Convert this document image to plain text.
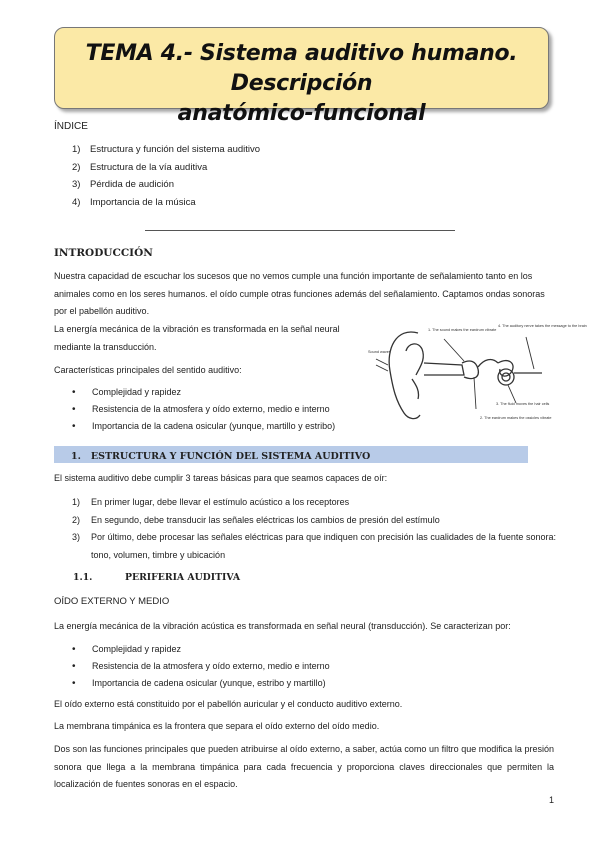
TEMA 4.- Sistema auditivo humano. Descripción
anatómico-funcional
ÍNDICE
1)	Estructura y función del sistema auditivo
2)	Estructura de la vía auditiva
3)	Pérdida de audición
4)	Importancia de la música
INTRODUCCIÓN
Nuestra capacidad de escuchar los sucesos que no vemos cumple una función importante de señalamiento tanto en los animales como en los seres humanos. el oído cumple otras funciones además del señalamiento. Captamos ondas sonoras por el pabellón auditivo.
La energía mecánica de la vibración es transformada en la señal neural mediante la transducción.
Características principales del sentido auditivo:
•	Complejidad y rapidez
•	Resistencia de la atmosfera y oído externo, medio e interno
•	Importancia de la cadena osicular (yunque, martillo y estribo)
Sound waves
1. The sound makes the eardrum vibrate
2. The eardrum makes the ossicles vibrate
3. The fluid moves the hair cells
4. The auditory nerve takes the message to the brain
1.   ESTRUCTURA Y FUNCIÓN DEL SISTEMA AUDITIVO
El sistema auditivo debe cumplir 3 tareas básicas para que seamos capaces de oír:
1)	En primer lugar, debe llevar el estímulo acústico a los receptores
2)	En segundo, debe transducir las señales eléctricas los cambios de presión del estímulo
3)	Por último, debe procesar las señales eléctricas para que indiquen con precisión las cualidades de la fuente sonora: tono, volumen, timbre y ubicación
1.1.	PERIFERIA AUDITIVA
OÍDO EXTERNO Y MEDIO
La energía mecánica de la vibración acústica es transformada en señal neural (transducción). Se caracterizan por:
•	Complejidad y rapidez
•	Resistencia de la atmosfera y oído externo, medio e interno
•	Importancia de cadena osicular (yunque, estribo y martillo)
El oído externo está constituido por el pabellón auricular y el conducto auditivo externo.
La membrana timpánica es la frontera que separa el oído externo del oído medio.
Dos son las funciones principales que pueden atribuirse al oído externo, a saber, actúa como un filtro que modifica la presión sonora que llega a la membrana timpánica para cada frecuencia y proporciona claves direccionales que permiten la localización de fuentes sonoras en el espacio.
1
